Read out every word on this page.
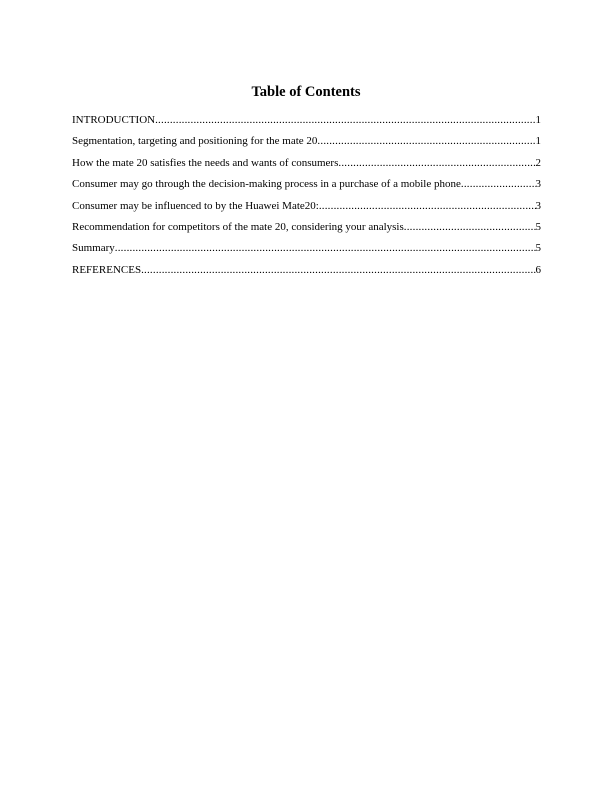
Table of Contents
INTRODUCTION .....	1
Segmentation, targeting and positioning for the mate 20 .....	1
How the mate 20 satisfies the needs and wants of consumers .....	2
Consumer may go through the decision-making process in a purchase of a mobile phone .....	3
Consumer may be influenced to by the Huawei Mate20: .....	3
Recommendation for competitors of the mate 20, considering your analysis .....	5
Summary .....	5
REFERENCES .....	6
